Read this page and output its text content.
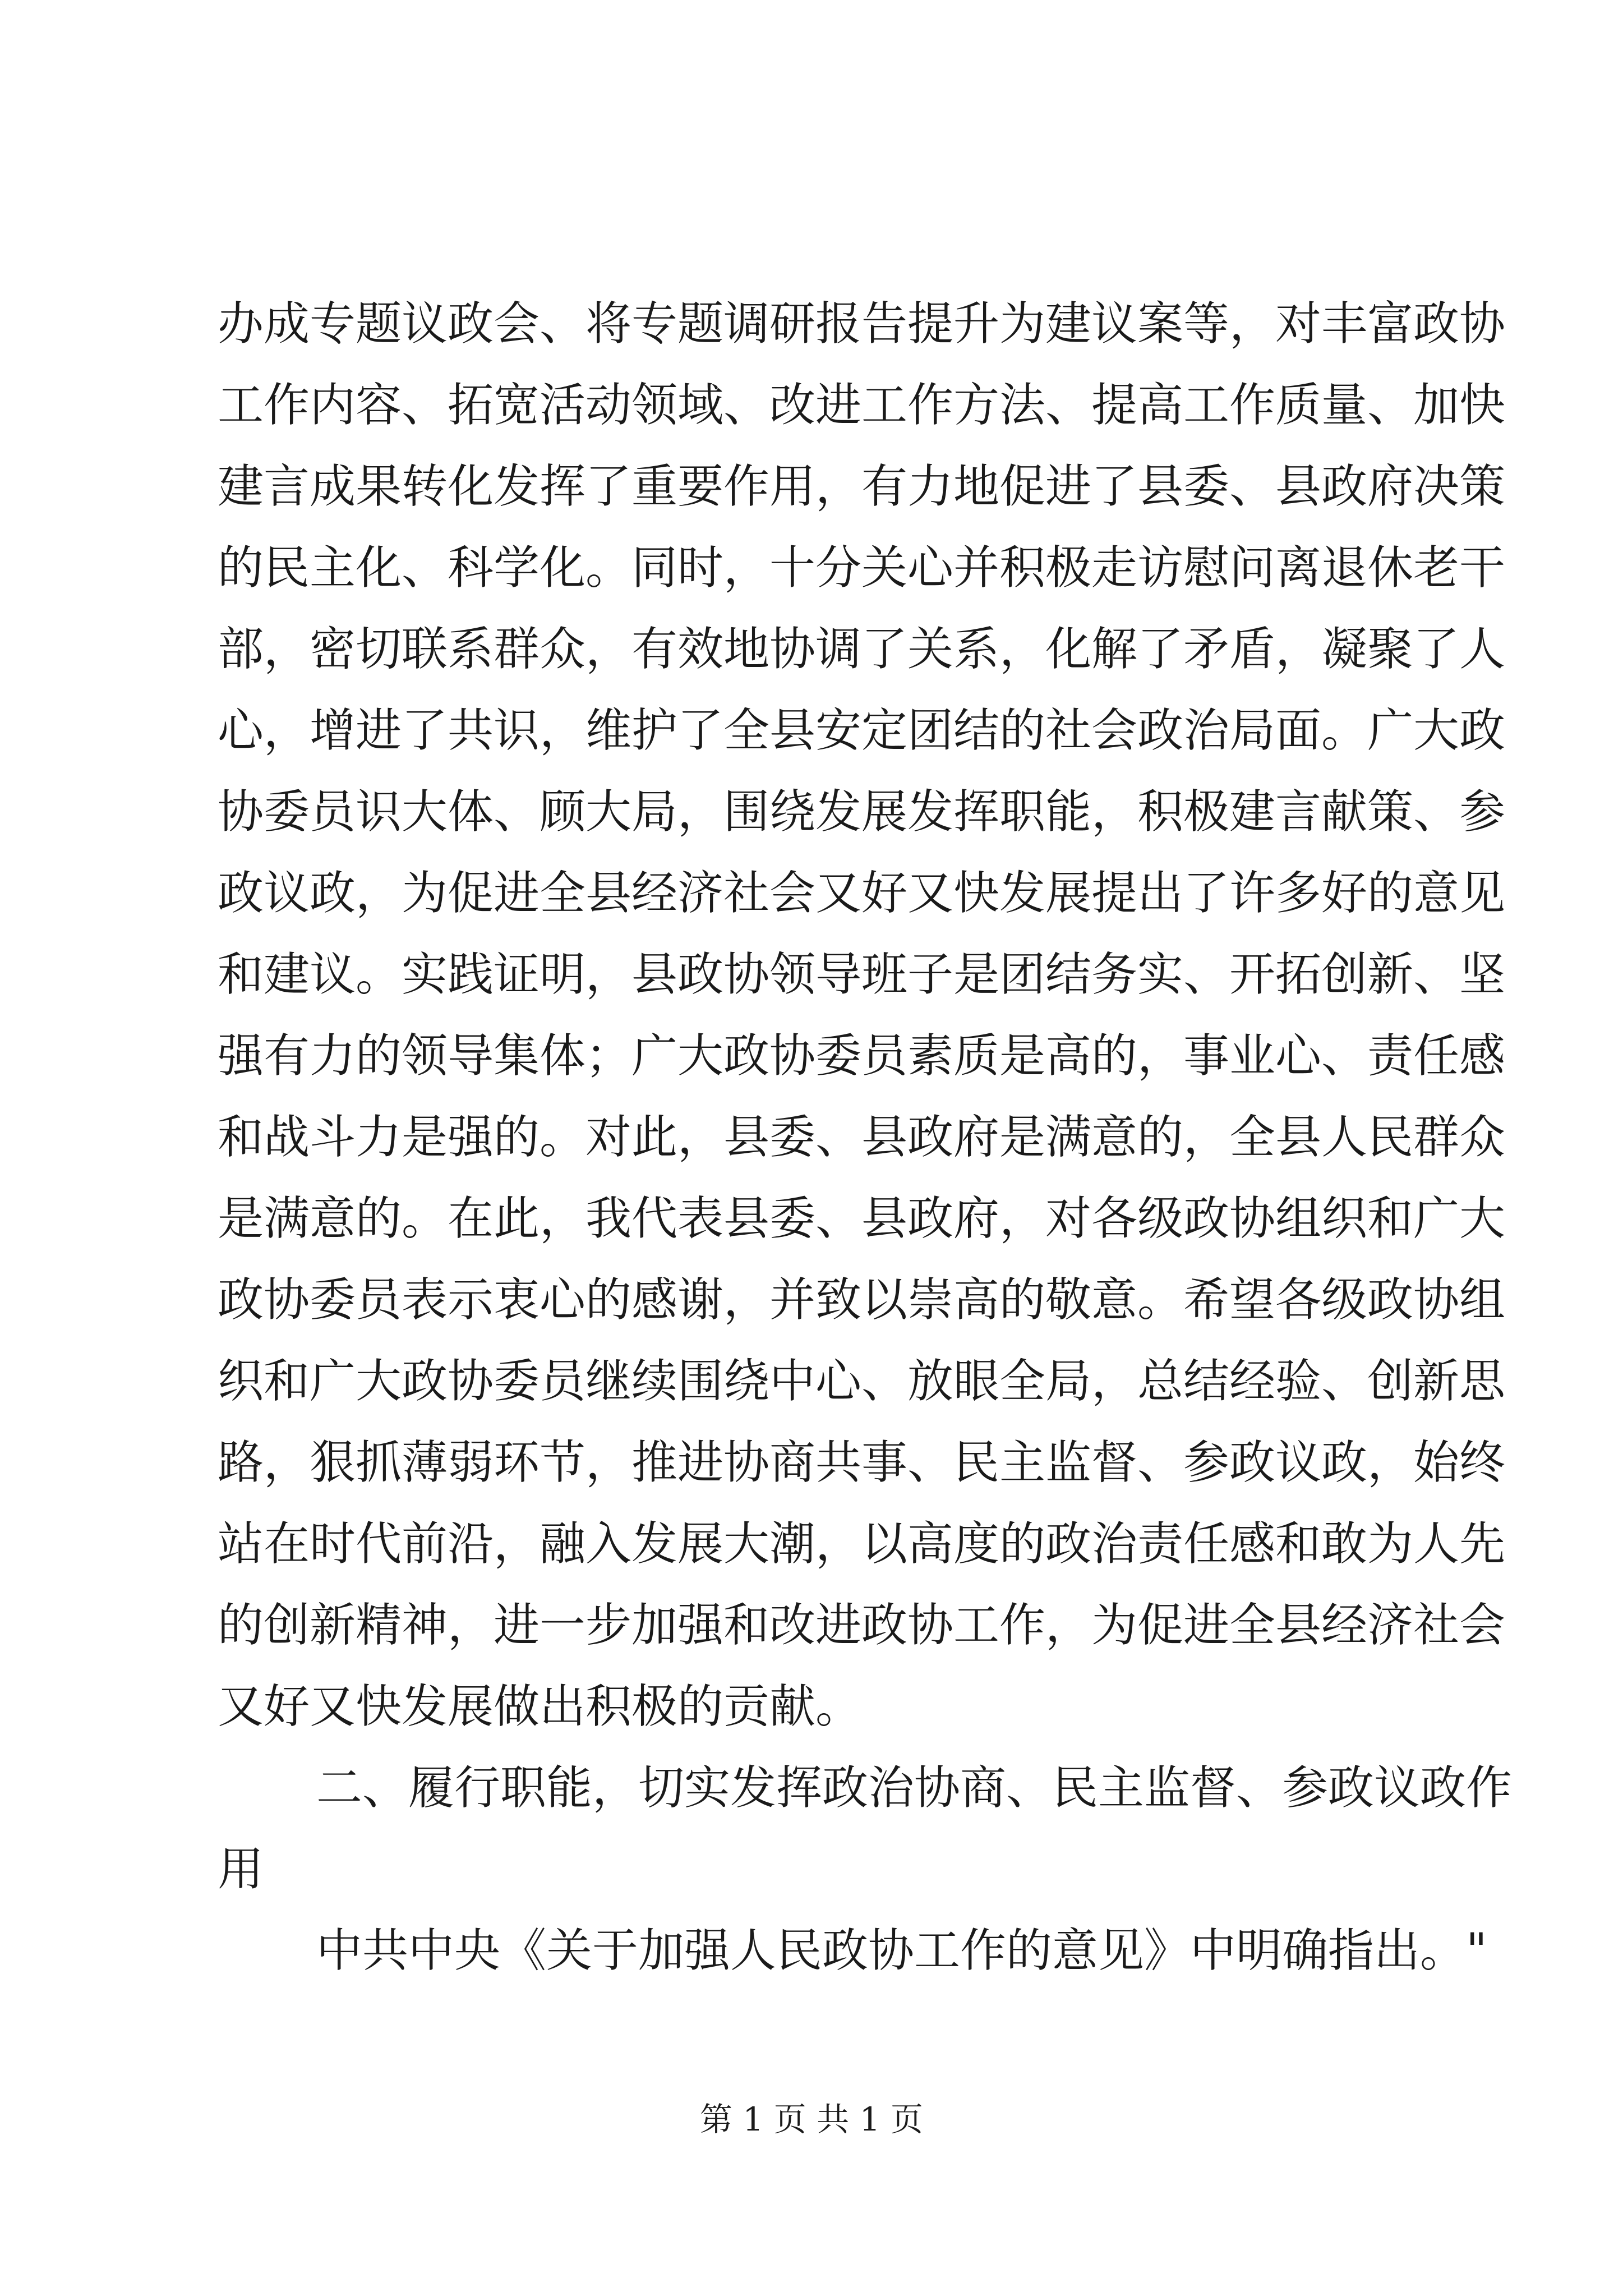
办成专题议政会、将专题调研报告提升为建议案等，对丰富政协
工作内容、拓宽活动领域、改进工作方法、提高工作质量、加快
建言成果转化发挥了重要作用，有力地促进了县委、县政府决策
的民主化、科学化。同时，十分关心并积极走访慰问离退休老干
部，密切联系群众，有效地协调了关系，化解了矛盾，凝聚了人
心，增进了共识，维护了全县安定团结的社会政治局面。广大政
协委员识大体、顾大局，围绕发展发挥职能，积极建言献策、参
政议政，为促进全县经济社会又好又快发展提出了许多好的意见
和建议。实践证明，县政协领导班子是团结务实、开拓创新、坚
强有力的领导集体；广大政协委员素质是高的，事业心、责任感
和战斗力是强的。对此，县委、县政府是满意的，全县人民群众
是满意的。在此，我代表县委、县政府，对各级政协组织和广大
政协委员表示衷心的感谢，并致以崇高的敬意。希望各级政协组
织和广大政协委员继续围绕中心、放眼全局，总结经验、创新思
路，狠抓薄弱环节，推进协商共事、民主监督、参政议政，始终
站在时代前沿，融入发展大潮，以高度的政治责任感和敢为人先
的创新精神，进一步加强和改进政协工作，为促进全县经济社会
又好又快发展做出积极的贡献。
二、履行职能，切实发挥政治协商、民主监督、参政议政作
用
中共中央《关于加强人民政协工作的意见》中明确指出。"
第 1 页 共 1 页
